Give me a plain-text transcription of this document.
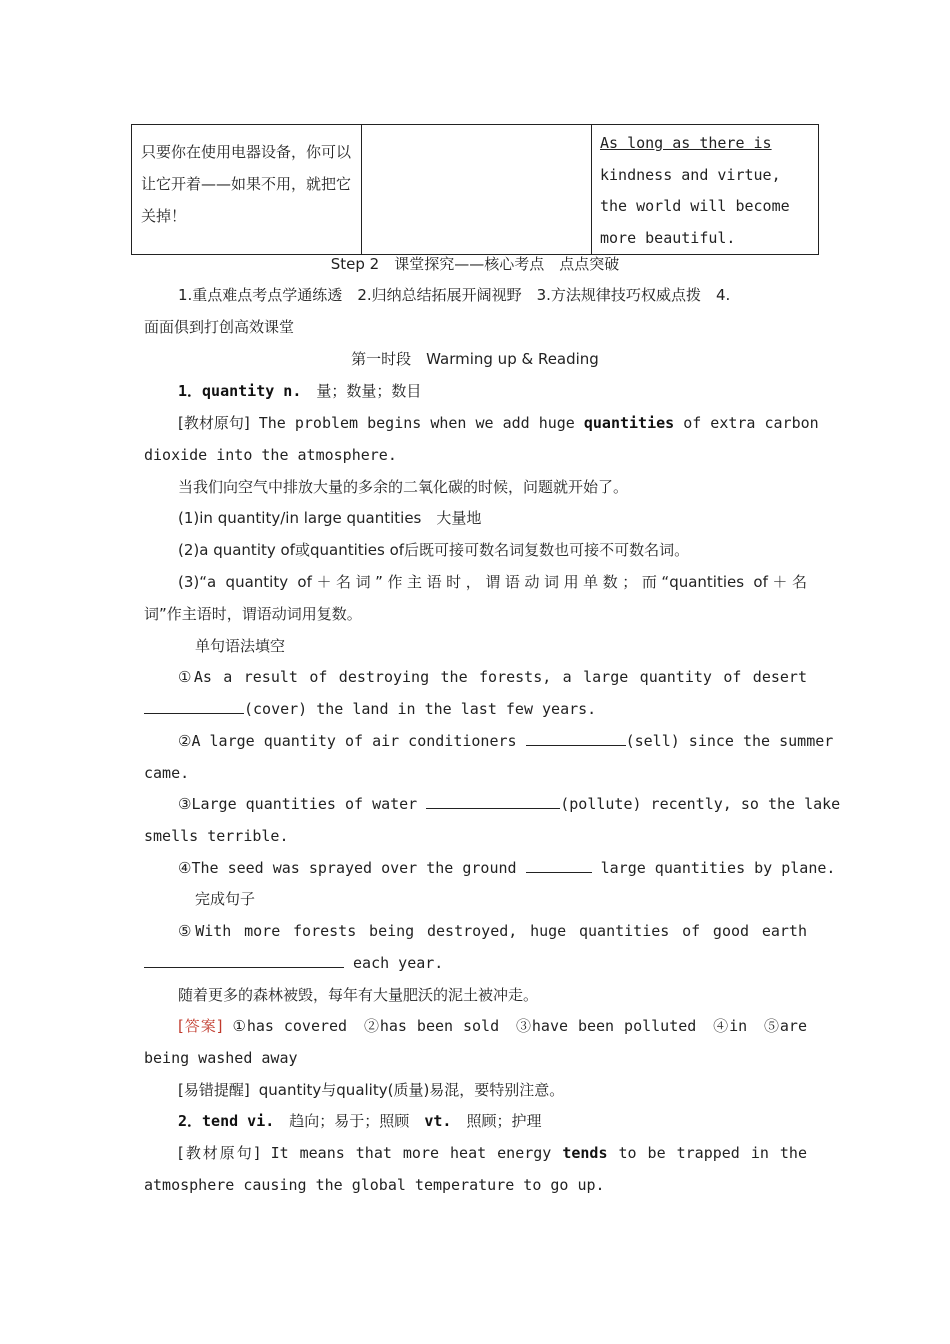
只要你在使用电器设备，你可以让它开着——如果不用，就把它关掉！

As long as there is kindness and virtue, the world will become more beautiful.
Step 2　课堂探究——核心考点　点点突破
1.重点难点考点学通练透　2.归纳总结拓展开阔视野　3.方法规律技巧权威点拨　4.
面面俱到打创高效课堂
第一时段　Warming up & Reading
1．quantity n.　 量；数量；数目
[教材原句] The problem begins when we add huge quantities of extra carbon
dioxide into the atmosphere.
当我们向空气中排放大量的多余的二氧化碳的时候，问题就开始了。
(1)in quantity/in large quantities　大量地
(2)a quantity of或quantities of后既可接可数名词复数也可接不可数名词。
(3)“a quantity of＋名词”作主语时，谓语动词用单数；而“quantities of＋名
词”作主语时，谓语动词用复数。
单句语法填空
①As a result of destroying the forests, a large quantity of desert
(cover) the land in the last few years.
②A large quantity of air conditioners	(sell) since the summer
came.
③Large quantities of water	(pollute) recently, so the lake
smells terrible.
④The seed was sprayed over the ground	large quantities by plane.
完成句子
⑤With more forests being destroyed, huge quantities of good earth
each year.
随着更多的森林被毁，每年有大量肥沃的泥土被冲走。
[答案] ①has covered　②has been sold　③have been polluted　④in　⑤are
being washed away
[易错提醒] quantity与quality(质量)易混，要特别注意。
2．tend vi.　 趋向；易于；照顾　 vt.　 照顾；护理
[教材原句] It means that more heat energy tends to be trapped in the
atmosphere causing the global temperature to go up.
